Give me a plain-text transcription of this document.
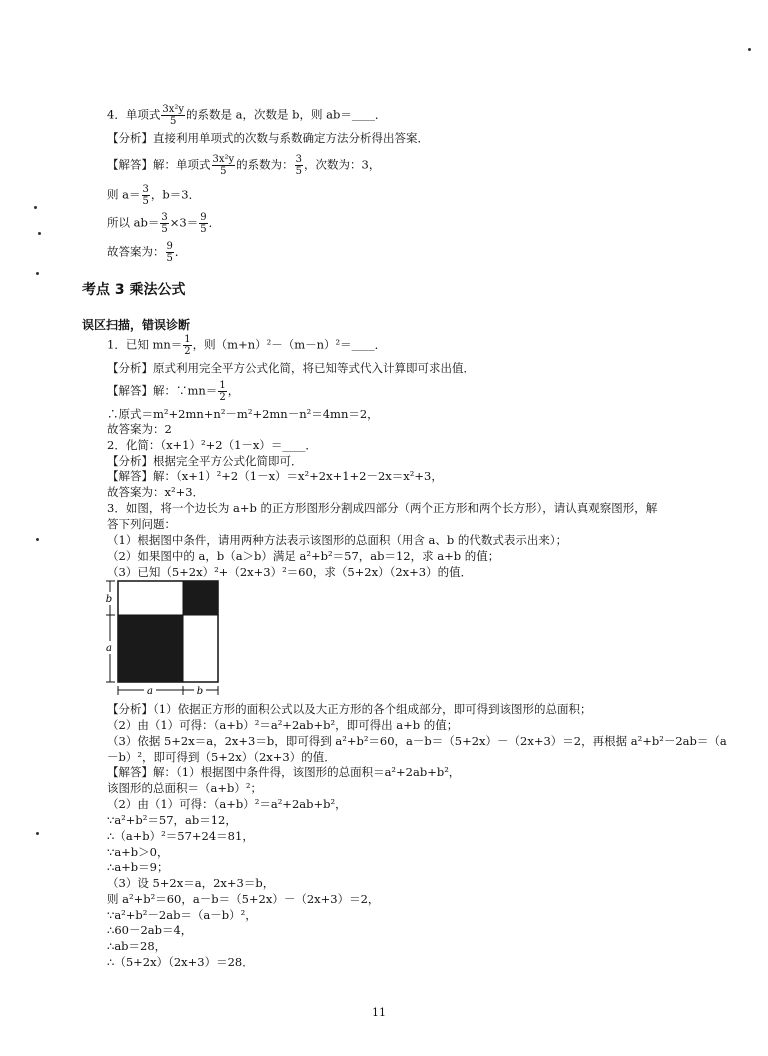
4．单项式 $\frac{\text{3x²y}}{5}$ 的系数是 a，次数是 b，则 ab＝____．
【分析】直接利用单项式的次数与系数确定方法分析得出答案．
【解答】解：单项式 $\frac{\text{3x²y}}{5}$ 的系数为： $\frac{3}{5}$ ，次数为：3，
则 $a= \frac{3}{5}$ ，b＝3．
所以 $ab= \frac{3}{5} \times 3= \frac{9}{5}$ ．
故答案为： $\frac{9}{5}$ ．
考点 3 乘法公式
误区扫描，错误诊断
1．已知 $mn= \frac{1}{2}$ ，则（m+n）²－（m－n）²＝____．
【分析】原式利用完全平方公式化简，将已知等式代入计算即可求出值．
【解答】解：∵mn＝ $\frac{1}{2}$ ，
∴原式＝m²+2mn+n²－m²+2mn－n²＝4mn＝2，
故答案为：2
2．化简：（x+1）²+2（1－x）＝____．
【分析】根据完全平方公式化简即可．
【解答】解：（x+1）²+2（1－x）＝x²+2x+1+2－2x＝x²+3，
故答案为：x²+3．
3．如图，将一个边长为 a+b 的正方形图形分割成四部分（两个正方形和两个长方形），请认真观察图形，解
答下列问题：
（1）根据图中条件，请用两种方法表示该图形的总面积（用含 a、b 的代数式表示出来）；
（2）如果图中的 a，b（a＞b）满足 a²+b²＝57，ab＝12，求 a+b 的值；
（3）已知（5+2x）²+（2x+3）²＝60，求（5+2x）（2x+3）的值．
b
a
a	b
【分析】（1）依据正方形的面积公式以及大正方形的各个组成部分，即可得到该图形的总面积；
（2）由（1）可得：（a+b）²＝a²+2ab+b²，即可得出 a+b 的值；
（3）依据 5+2x＝a，2x+3＝b，即可得到 a²+b²＝60，a－b＝（5+2x）－（2x+3）＝2，再根据 a²+b²－2ab＝（a
－b）²，即可得到（5+2x）（2x+3）的值．
【解答】解：（1）根据图中条件得，该图形的总面积＝a²+2ab+b²，
该图形的总面积＝（a+b）²；
（2）由（1）可得：（a+b）²＝a²+2ab+b²，
∵a²+b²＝57，ab＝12，
∴（a+b）²＝57+24＝81，
∵a+b＞0，
∴a+b＝9；
（3）设 5+2x＝a，2x+3＝b，
则 a²+b²＝60，a－b＝（5+2x）－（2x+3）＝2，
∵a²+b²－2ab＝（a－b）²，
∴60－2ab＝4，
∴ab＝28，
∴（5+2x）（2x+3）＝28．
11
